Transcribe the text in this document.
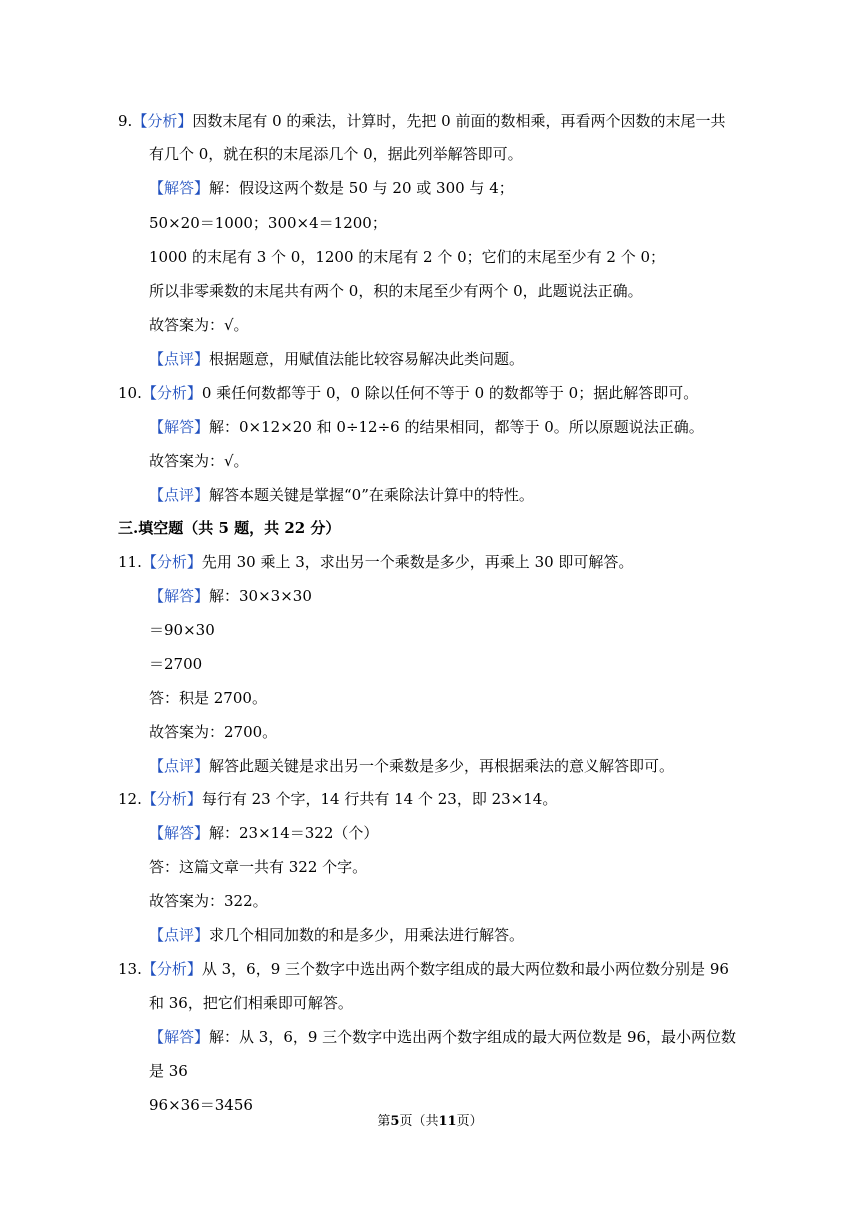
9.【分析】因数末尾有 0 的乘法，计算时，先把 0 前面的数相乘，再看两个因数的末尾一共
有几个 0，就在积的末尾添几个 0，据此列举解答即可。
【解答】解：假设这两个数是 50 与 20 或 300 与 4；
50×20＝1000；300×4＝1200；
1000 的末尾有 3 个 0，1200 的末尾有 2 个 0；它们的末尾至少有 2 个 0；
所以非零乘数的末尾共有两个 0，积的末尾至少有两个 0，此题说法正确。
故答案为：√。
【点评】根据题意，用赋值法能比较容易解决此类问题。
10.【分析】0 乘任何数都等于 0，0 除以任何不等于 0 的数都等于 0；据此解答即可。
【解答】解：0×12×20 和 0÷12÷6 的结果相同，都等于 0。所以原题说法正确。
故答案为：√。
【点评】解答本题关键是掌握“0”在乘除法计算中的特性。
三.填空题（共 5 题，共 22 分）
11.【分析】先用 30 乘上 3，求出另一个乘数是多少，再乘上 30 即可解答。
【解答】解：30×3×30
＝90×30
＝2700
答：积是 2700。
故答案为：2700。
【点评】解答此题关键是求出另一个乘数是多少，再根据乘法的意义解答即可。
12.【分析】每行有 23 个字，14 行共有 14 个 23，即 23×14。
【解答】解：23×14＝322（个）
答：这篇文章一共有 322 个字。
故答案为：322。
【点评】求几个相同加数的和是多少，用乘法进行解答。
13.【分析】从 3，6，9 三个数字中选出两个数字组成的最大两位数和最小两位数分别是 96
和 36，把它们相乘即可解答。
【解答】解：从 3，6，9 三个数字中选出两个数字组成的最大两位数是 96，最小两位数
是 36
96×36＝3456
第5页（共11页）
